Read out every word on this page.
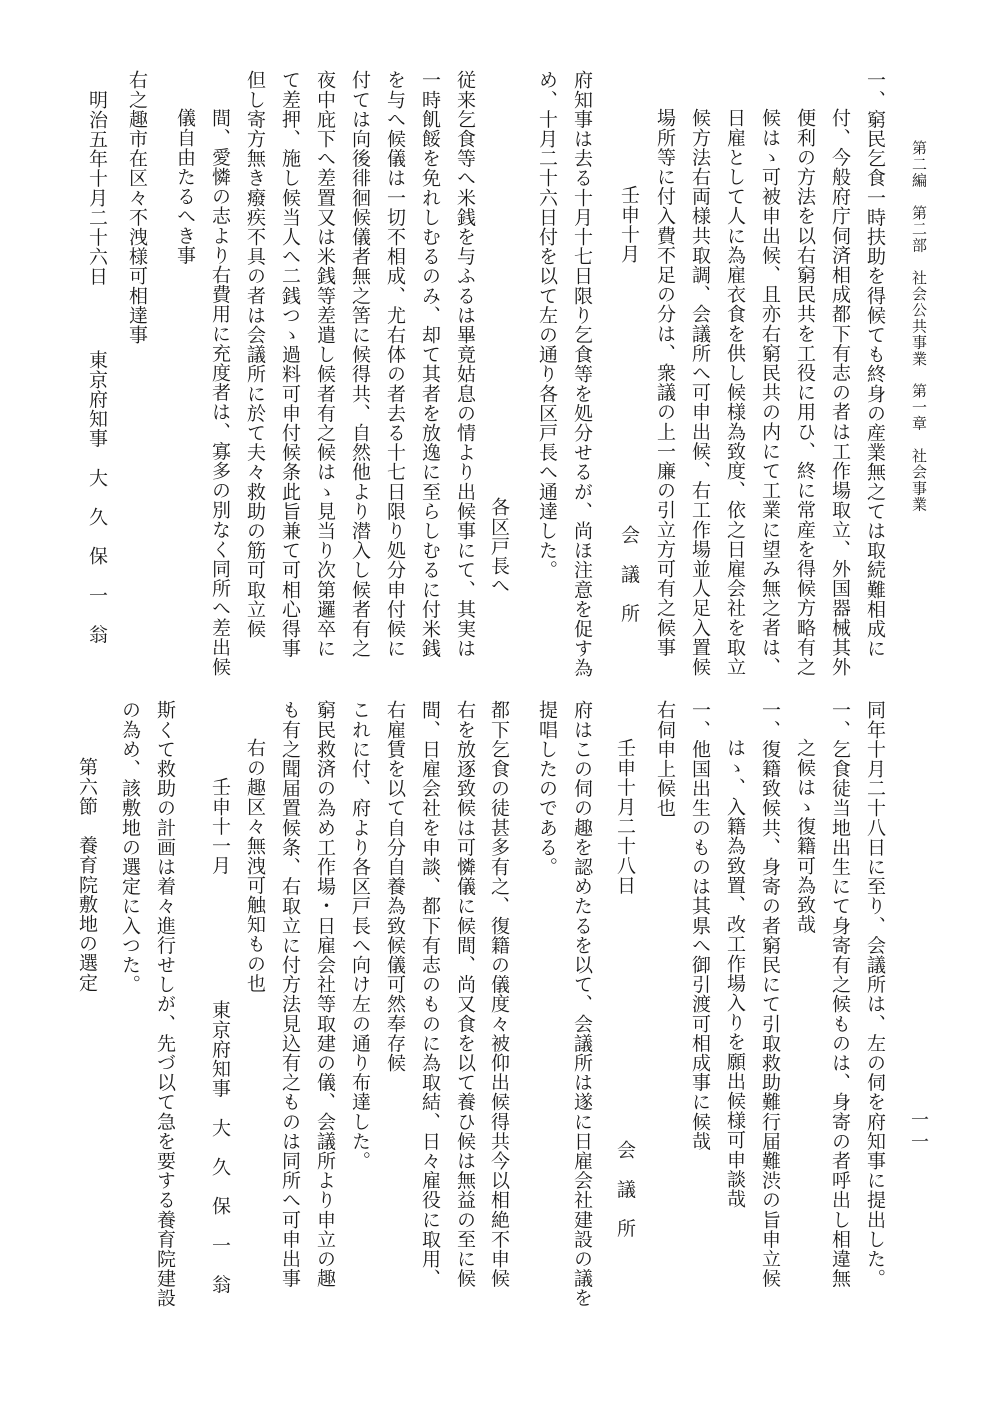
第二編　第二部　社会公共事業　第一章　社会事業
一一
一、窮民乞食一時扶助を得候ても終身の産業無之ては取続難相成に
付、今般府庁伺済相成都下有志の者は工作場取立、外国器械其外
便利の方法を以右窮民共を工役に用ひ、終に常産を得候方略有之
候はゝ可被申出候、且亦右窮民共の内にて工業に望み無之者は、
日雇として人に為雇衣食を供し候様為致度、依之日雇会社を取立
候方法右両様共取調、会議所へ可申出候、右工作場並人足入置候
場所等に付入費不足の分は、衆議の上一廉の引立方可有之候事
壬申十月
会　議　所
府知事は去る十月十七日限り乞食等を処分せるが、尚ほ注意を促す為
め、十月二十六日付を以て左の通り各区戸長へ通達した。
各区戸長へ
従来乞食等へ米銭を与ふるは畢竟姑息の情より出候事にて、其実は
一時飢餒を免れしむるのみ、却て其者を放逸に至らしむるに付米銭
を与へ候儀は一切不相成、尤右体の者去る十七日限り処分申付候に
付ては向後徘徊候儀者無之筈に候得共、自然他より潜入し候者有之
夜中庇下へ差置又は米銭等差遣し候者有之候はゝ見当り次第邏卒に
て差押、施し候当人へ二銭つゝ過料可申付候条此旨兼て可相心得事
但し寄方無き癈疾不具の者は会議所に於て夫々救助の筋可取立候
間、愛憐の志より右費用に充度者は、寡多の別なく同所へ差出候
儀自由たるへき事
右之趣市在区々不洩様可相達事
明治五年十月二十六日
東京府知事　大　久　保　一　翁
同年十月二十八日に至り、会議所は、左の伺を府知事に提出した。
一、乞食徒当地出生にて身寄有之候ものは、身寄の者呼出し相違無
之候はゝ復籍可為致哉
一、復籍致候共、身寄の者窮民にて引取救助難行届難渋の旨申立候
はゝ、入籍為致置、改工作場入りを願出候様可申談哉
一、他国出生のものは其県へ御引渡可相成事に候哉
右伺申上候也
壬申十月二十八日
会　議　所
府はこの伺の趣を認めたるを以て、会議所は遂に日雇会社建設の議を
提唱したのである。
都下乞食の徒甚多有之、復籍の儀度々被仰出候得共今以相絶不申候
右を放逐致候は可憐儀に候間、尚又食を以て養ひ候は無益の至に候
間、日雇会社を申談、都下有志のものに為取結、日々雇役に取用、
右雇賃を以て自分自養為致候儀可然奉存候
これに付、府より各区戸長へ向け左の通り布達した。
窮民救済の為め工作場・日雇会社等取建の儀、会議所より申立の趣
も有之聞届置候条、右取立に付方法見込有之ものは同所へ可申出事
右の趣区々無洩可触知もの也
壬申十一月
東京府知事　大　久　保　一　翁
斯くて救助の計画は着々進行せしが、先づ以て急を要する養育院建設
の為め、該敷地の選定に入つた。
第六節　養育院敷地の選定
